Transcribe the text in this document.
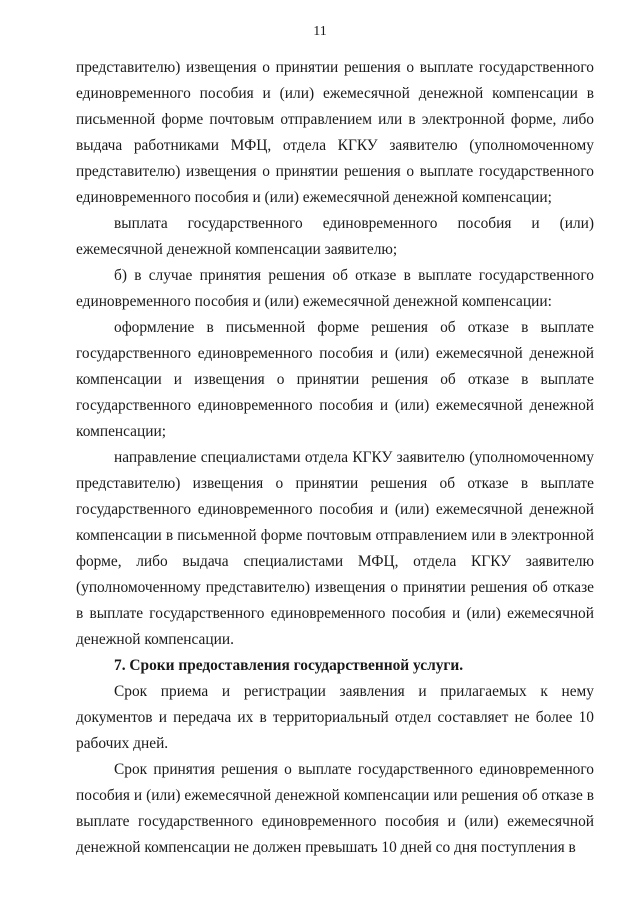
11

представителю) извещения о принятии решения о выплате государственного единовременного пособия и (или) ежемесячной денежной компенсации в письменной форме почтовым отправлением или в электронной форме, либо выдача работниками МФЦ, отдела КГКУ заявителю (уполномоченному представителю) извещения о принятии решения о выплате государственного единовременного пособия и (или) ежемесячной денежной компенсации;

выплата государственного единовременного пособия и (или) ежемесячной денежной компенсации заявителю;

б) в случае принятия решения об отказе в выплате государственного единовременного пособия и (или) ежемесячной денежной компенсации:

оформление в письменной форме решения об отказе в выплате государственного единовременного пособия и (или) ежемесячной денежной компенсации и извещения о принятии решения об отказе в выплате государственного единовременного пособия и (или) ежемесячной денежной компенсации;

направление специалистами отдела КГКУ заявителю (уполномоченному представителю) извещения о принятии решения об отказе в выплате государственного единовременного пособия и (или) ежемесячной денежной компенсации в письменной форме почтовым отправлением или в электронной форме, либо выдача специалистами МФЦ, отдела КГКУ заявителю (уполномоченному представителю) извещения о принятии решения об отказе в выплате государственного единовременного пособия и (или) ежемесячной денежной компенсации.

7. Сроки предоставления государственной услуги.

Срок приема и регистрации заявления и прилагаемых к нему документов и передача их в территориальный отдел составляет не более 10 рабочих дней.

Срок принятия решения о выплате государственного единовременного пособия и (или) ежемесячной денежной компенсации или решения об отказе в выплате государственного единовременного пособия и (или) ежемесячной денежной компенсации не должен превышать 10 дней со дня поступления в
